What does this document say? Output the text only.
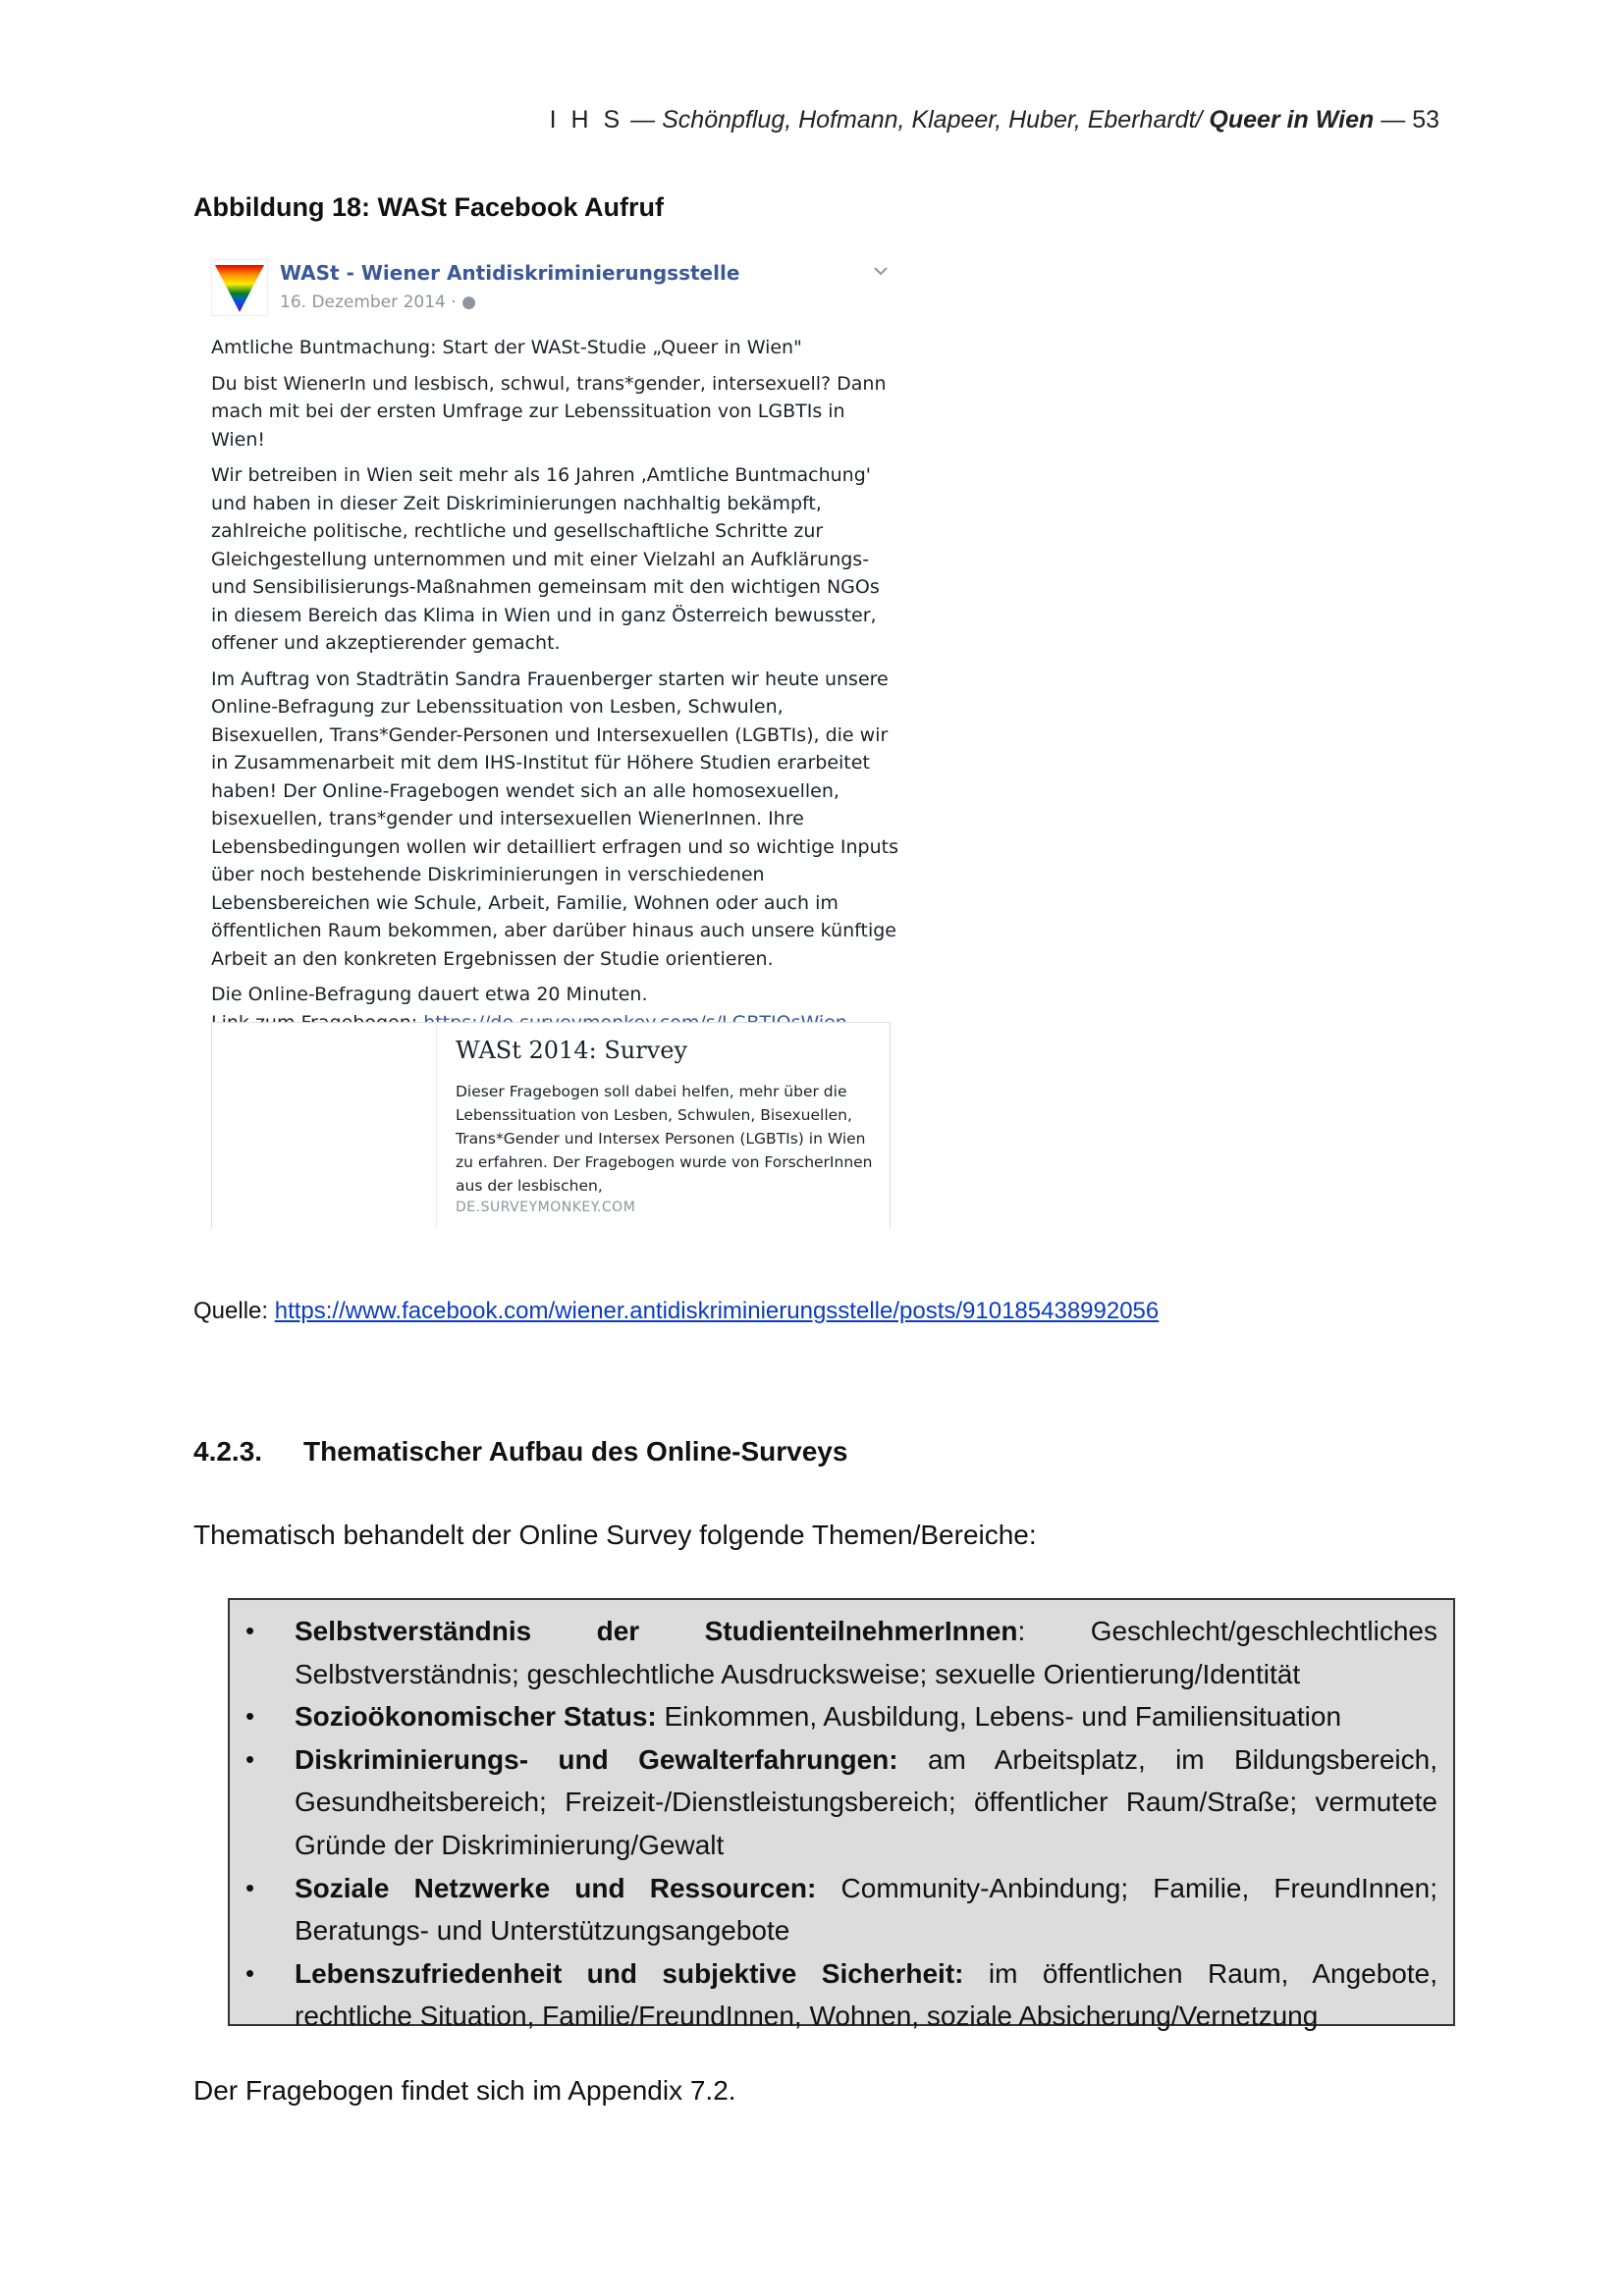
I H S — Schönpflug, Hofmann, Klapeer, Huber, Eberhardt/ Queer in Wien — 53
Abbildung 18: WASt Facebook Aufruf
WASt - Wiener Antidiskriminierungsstelle
16. Dezember 2014 · ●

Amtliche Buntmachung: Start der WASt-Studie „Queer in Wien"

Du bist WienerIn und lesbisch, schwul, trans*gender, intersexuell? Dann mach mit bei der ersten Umfrage zur Lebenssituation von LGBTIs in Wien!

Wir betreiben in Wien seit mehr als 16 Jahren ‚Amtliche Buntmachung' und haben in dieser Zeit Diskriminierungen nachhaltig bekämpft, zahlreiche politische, rechtliche und gesellschaftliche Schritte zur Gleichgestellung unternommen und mit einer Vielzahl an Aufklärungs- und Sensibilisierungs-Maßnahmen gemeinsam mit den wichtigen NGOs in diesem Bereich das Klima in Wien und in ganz Österreich bewusster, offener und akzeptierender gemacht.

Im Auftrag von Stadträtin Sandra Frauenberger starten wir heute unsere Online-Befragung zur Lebenssituation von Lesben, Schwulen, Bisexuellen, Trans*Gender-Personen und Intersexuellen (LGBTIs), die wir in Zusammenarbeit mit dem IHS-Institut für Höhere Studien erarbeitet haben! Der Online-Fragebogen wendet sich an alle homosexuellen, bisexuellen, trans*gender und intersexuellen WienerInnen. Ihre Lebensbedingungen wollen wir detailliert erfragen und so wichtige Inputs über noch bestehende Diskriminierungen in verschiedenen Lebensbereichen wie Schule, Arbeit, Familie, Wohnen oder auch im öffentlichen Raum bekommen, aber darüber hinaus auch unsere künftige Arbeit an den konkreten Ergebnissen der Studie orientieren.

Die Online-Befragung dauert etwa 20 Minuten.

WASt 2014: Survey
Dieser Fragebogen soll dabei helfen, mehr über die Lebenssituation von Lesben, Schwulen, Bisexuellen, Trans*Gender und Intersex Personen (LGBTIs) in Wien zu erfahren. Der Fragebogen wurde von ForscherInnen aus der lesbischen,
DE.SURVEYMONKEY.COM

Quelle: https://www.facebook.com/wiener.antidiskriminierungsstelle/posts/910185438992056

4.2.3. Thematischer Aufbau des Online-Surveys

Thematisch behandelt der Online Survey folgende Themen/Bereiche:

• Selbstverständnis der StudienteilnehmerInnen: Geschlecht/geschlechtliches Selbstverständnis; geschlechtliche Ausdrucksweise; sexuelle Orientierung/Identität
• Sozioökonomischer Status: Einkommen, Ausbildung, Lebens- und Familiensituation
• Diskriminierungs- und Gewalterfahrungen: am Arbeitsplatz, im Bildungsbereich, Gesundheitsbereich; Freizeit-/Dienstleistungsbereich; öffentlicher Raum/Straße; vermutete Gründe der Diskriminierung/Gewalt
• Soziale Netzwerke und Ressourcen: Community-Anbindung; Familie, FreundInnen; Beratungs- und Unterstützungsangebote
• Lebenszufriedenheit und subjektive Sicherheit: im öffentlichen Raum, Angebote, rechtliche Situation, Familie/FreundInnen, Wohnen, soziale Absicherung/Vernetzung

Der Fragebogen findet sich im Appendix 7.2.
